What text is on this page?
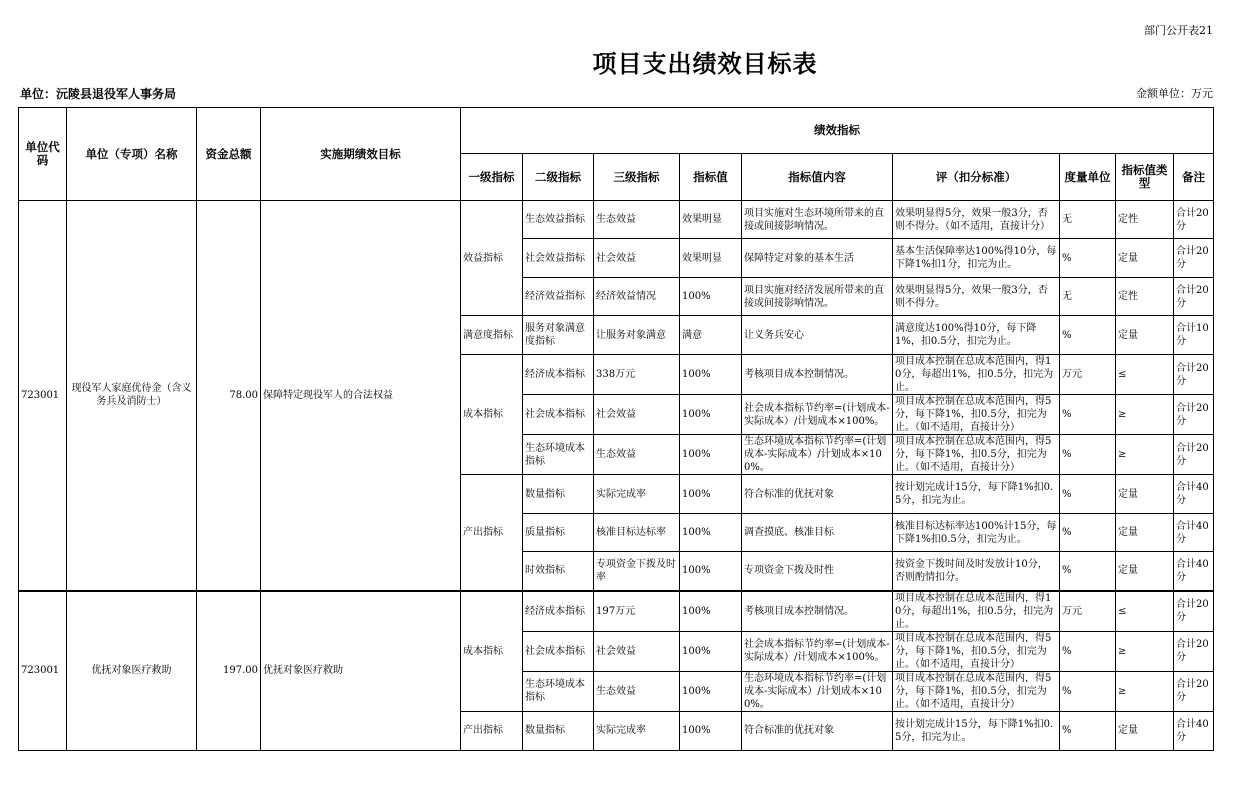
部门公开表21
项目支出绩效目标表
单位：沅陵县退役军人事务局	金额单位：万元
单位代码	单位（专项）名称	资金总额	实施期绩效目标	绩效指标								
				一级指标	二级指标	三级指标	指标值	指标值内容	评（扣分标准）	度量单位	指标值类型	备注

723001	现役军人家庭优待金（含义务兵及消防士）	78.00	保障特定现役军人的合法权益	效益指标	生态效益指标	生态效益	效果明显	项目实施对生态环境所带来的直接或间接影响情况。	效果明显得5分，效果一般3分，否则不得分。（如不适用，直接计分）	无	定性	合计20分

					社会效益指标	社会效益	效果明显	保障特定对象的基本生活	基本生活保障率达100%得10分，每下降1%扣1分，扣完为止。	%	定量	合计20分

					经济效益指标	经济效益情况	100%	项目实施对经济发展所带来的直接或间接影响情况。	效果明显得5分，效果一般3分，否则不得分。	无	定性	合计20分

				满意度指标	服务对象满意度指标	让服务对象满意	满意	让义务兵安心	满意度达100%得10分，每下降1%，扣0.5分，扣完为止。	%	定量	合计10分

				成本指标	经济成本指标	338万元	100%	考核项目成本控制情况。	项目成本控制在总成本范围内，得10分，每超出1%，扣0.5分，扣完为止。	万元	≤	合计20分

					社会成本指标	社会效益	100%	社会成本指标节约率=(计划成本-实际成本）/计划成本×100%。	项目成本控制在总成本范围内，得5分，每下降1%，扣0.5分，扣完为止。（如不适用，直接计分）	%	≥	合计20分

					生态环境成本指标	生态效益	100%	生态环境成本指标节约率=(计划成本-实际成本）/计划成本×100%。	项目成本控制在总成本范围内，得5分，每下降1%，扣0.5分，扣完为止。（如不适用，直接计分）	%	≥	合计20分

				产出指标	数量指标	实际完成率	100%	符合标准的优抚对象	按计划完成计15分，每下降1%扣0.5分，扣完为止。	%	定量	合计40分

					质量指标	核准目标达标率	100%	调查摸底、核准目标	核准目标达标率达100%计15分，每下降1%扣0.5分，扣完为止。	%	定量	合计40分

					时效指标	专项资金下拨及时率	100%	专项资金下拨及时性	按资金下拨时间及时发放计10分，否则酌情扣分。	%	定量	合计40分

723001	优抚对象医疗救助	197.00	优抚对象医疗救助	成本指标	经济成本指标	197万元	100%	考核项目成本控制情况。	项目成本控制在总成本范围内，得10分，每超出1%，扣0.5分，扣完为止。	万元	≤	合计20分

					社会成本指标	社会效益	100%	社会成本指标节约率=(计划成本-实际成本）/计划成本×100%。	项目成本控制在总成本范围内，得5分，每下降1%，扣0.5分，扣完为止。（如不适用，直接计分）	%	≥	合计20分

					生态环境成本指标	生态效益	100%	生态环境成本指标节约率=(计划成本-实际成本）/计划成本×100%。	项目成本控制在总成本范围内，得5分，每下降1%，扣0.5分，扣完为止。（如不适用，直接计分）	%	≥	合计20分

				产出指标	数量指标	实际完成率	100%	符合标准的优抚对象	按计划完成计15分，每下降1%扣0.5分，扣完为止。	%	定量	合计40分
